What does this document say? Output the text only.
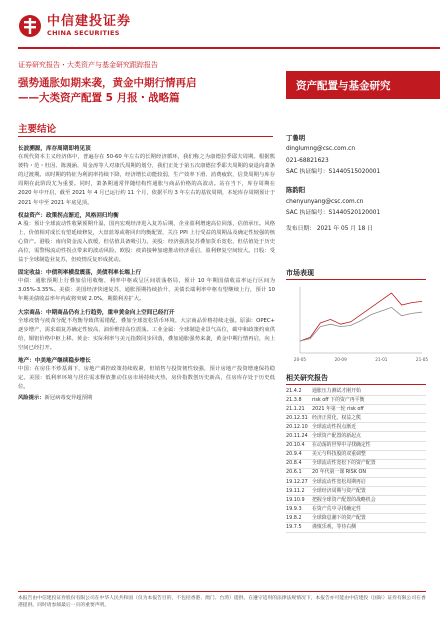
中信建投证券
CHINA SECURITIES
证券研究报告・大类资产与基金研究跟踪报告
强势通胀如期来袭，黄金中期行情再启
——大类资产配置 5 月报・战略篇
资产配置与基金研究
主要结论
长波溯源，库存周期即将见顶
在现代资本主义经济体中，普遍存在 50-60 年左右的长期经济循环，我们称之为康德拉季耶夫周期。根据熊彼特・范・杜因、陈漫涵、周金涛等人对康氏周期的划分，我们正处于第五次康德拉季耶夫周期的衰退向萧条的过渡期。该时期的特征为利润率持续下降，经济增长动能较弱，生产效率下滑、消费疲软，信贷周期与库存周期在此阶段尤为重要。同时，萧条期通常伴随结构性通胀与商品价格的高波动。站在当下，库存周期在 2020 年中开启，截至 2021 年 4 月已运行约 11 个月，依据平均 3 年左右的基钦周期，本轮库存周期预计于 2021 年中至 2021 年底见顶。
权益资产：政策拐点渐近，风格回归均衡
A 股：预计全球流动性收紧预期升温，国内宏观经济进入复苏后期，企业盈利增速高位回落，估值承压。风格上，价值相对成长有望延续修复，大盘蓝筹或将回归均衡配置，关注 PPI 上行受益的周期品及确定性较强的核心资产。港股：南向资金流入放缓，但估值具备吸引力。美股：经济强劲复苏叠加货币宽松，但估值处于历史高位，需警惕流动性拐点带来的波动风险。欧股：疫苗接种加速推动经济重启，盈利修复空间较大。日股：受益于全球制造业复苏，但疫情反复形成扰动。
固定收益：中债利率横盘震荡，美债利率长端上行
中债：通胀预期上行叠加信用收缩，利率中枢或呈区间震荡格局，预计 10 年期国债收益率运行区间为 3.05%-3.35%。美债：美国经济快速复苏，通胀预期持续抬升，美债长端利率中枢有望继续上行，预计 10 年期美债收益率年内或将突破 2.0%，期限利差扩大。
大宗商品：中期商品仍有上行趋势，重申黄金向上空间已经打开
全球疫情与疫苗分配不均衡导致供需错配，叠加全球宽松货币环境，大宗商品价格持续走强。原油：OPEC+ 逐步增产，需求端复苏确定性较高，油价维持高位震荡。工业金属：全球制造业景气高位，碳中和政策约束供给，铜铝价格中枢上移。黄金：实际利率与美元指数同步回落，叠加通胀强势来袭，黄金中期行情再启，向上空间已经打开。
地产：中美地产继续稳步增长
中国：在房住不炒基调下，房地产调控政策持续收紧，但销售与投资韧性较强，预计房地产投资增速保持稳定。美国：低利率环境与居住需求释放推动住房市场持续火热，房价指数创历史新高，住房库存处于历史低位。
风险提示：新冠病毒变异超预期
丁鲁明
dinglumng@csc.com.cn
021-68821623
SAC 执证编号：S1440515020001
陈韵阳
chenyunyang@csc.com.cn
SAC 执证编号：S1440520120001
发布日期： 2021 年 05 月 18 日
市场表现
20-05	20-09	21-01	21-05
相关研究报告
21.4.2	通胀压力测试才刚开始
21.3.8	risk off 下的资产再平衡
21.1.21	2021 年第一轮 risk off
20.12.31 经济正常化，权益之熊
20.12.10 全球流动性拐点渐近
20.11.24 全球资产配置的新起点
20.10.4	在动荡的世界中寻找确定性
20.9.4	美元与科技股的双重调整
20.8.4	全球流动性宽松下的资产配置
20.6.1	20 年代第一课 RISK ON
19.12.27 全球流动性宽松周期再启
19.11.2	全球经济周期与资产配置
19.10.9	把握全球资产配置的战略机会
19.9.3	在资产荒中寻找确定性
19.8.2	全球降息潮下的资产配置
19.7.5	谨慎乐观，等待右侧
本报告由中信建投证券股份有限公司在中华人民共和国（仅为本报告目的，不包括香港、澳门、台湾）提供。在遵守适用的法律法规情况下，本报告亦可能由中信建投（国际）证券有限公司在香港提供。同时请参阅最后一页的重要声明。
